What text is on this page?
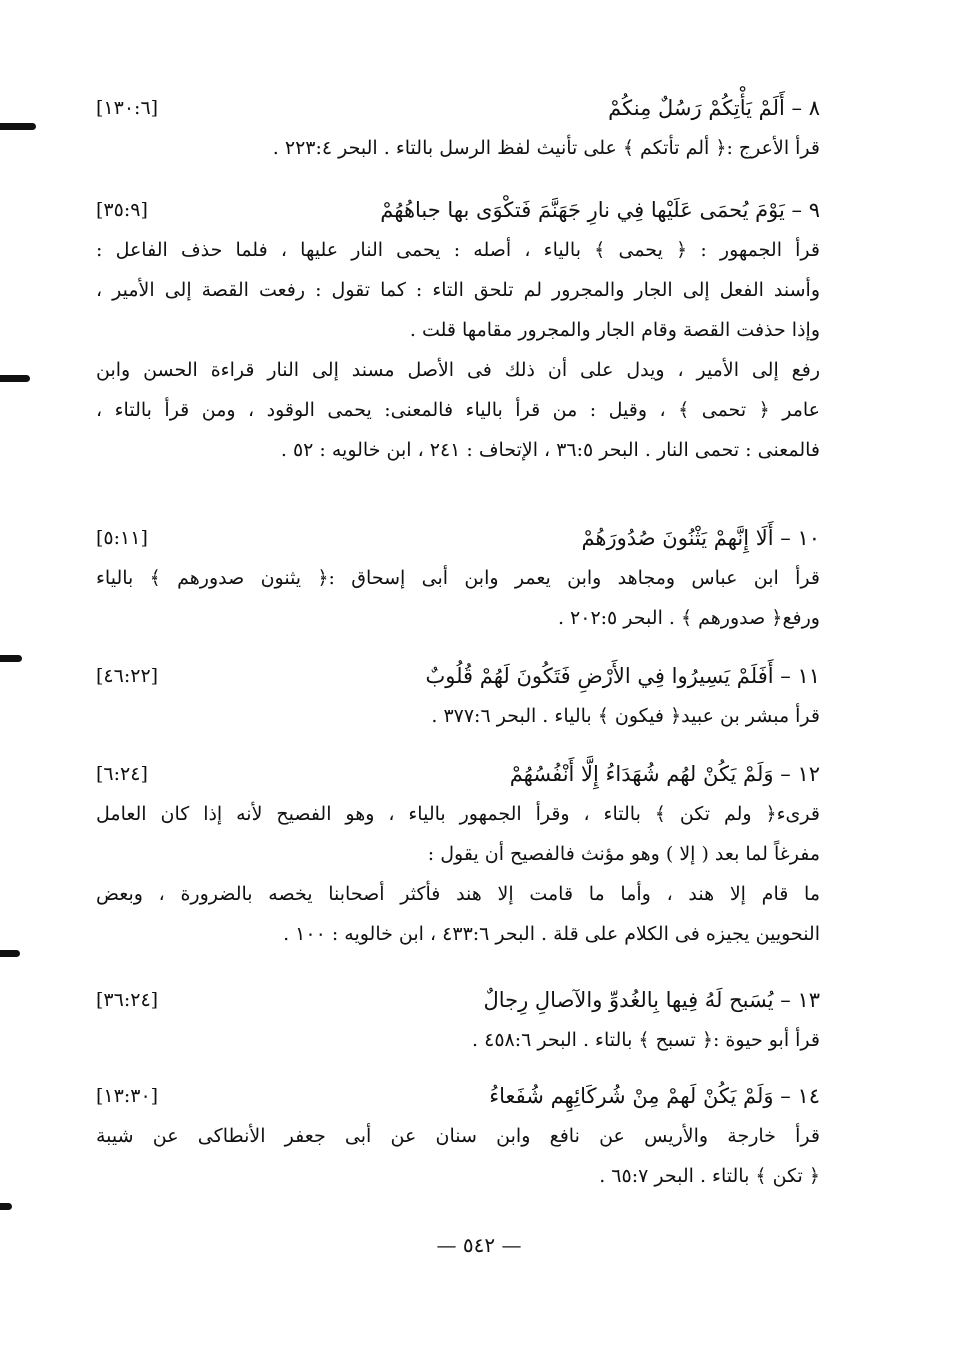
٨ – أَلَمْ يَأْتِكُمْ رَسُلٌ مِنكُمْ
[١٣٠:٦]
قرأ الأعرج :﴿ ألم تأتكم ﴾ على تأنيث لفظ الرسل بالتاء . البحر ٢٢٣:٤ .
٩ – يَوْمَ يُحمَى عَلَيْها فِي نارِ جَهَنَّمَ فَتكْوَى بها جباهُهُمْ
[٣٥:٩]
قرأ الجمهور : ﴿ يحمى ﴾ بالياء ، أصله : يحمى النار عليها ، فلما حذف الفاعل :
وأسند الفعل إلى الجار والمجرور لم تلحق التاء : كما تقول : رفعت القصة إلى الأمير ،
وإذا حذفت القصة وقام الجار والمجرور مقامها قلت .
رفع إلى الأمير ، ويدل على أن ذلك فى الأصل مسند إلى النار قراءة الحسن وابن
عامر ﴿ تحمى ﴾ ، وقيل : من قرأ بالياء فالمعنى: يحمى الوقود ، ومن قرأ بالتاء ،
فالمعنى : تحمى النار . البحر ٣٦:٥ ، الإتحاف : ٢٤١ ، ابن خالويه : ٥٢ .
١٠ – أَلَا إِنَّهمْ يَثْنُونَ صُدُورَهُمْ
[٥:١١]
قرأ ابن عباس ومجاهد وابن يعمر وابن أبى إسحاق :﴿ يثنون صدورهم ﴾ بالياء
ورفع﴿ صدورهم ﴾ . البحر ٢٠٢:٥ .
١١ – أَفَلَمْ يَسِيرُوا فِي الأَرْضِ فَتَكُونَ لَهُمْ قُلُوبٌ
[٤٦:٢٢]
قرأ مبشر بن عبيد﴿ فيكون ﴾ بالياء . البحر ٣٧٧:٦ .
١٢ – وَلَمْ يَكُنْ لهُم شُهَدَاءُ إِلَّا أَنْفُسُهُمْ
[٦:٢٤]
قرىء﴿ ولم تكن ﴾ بالتاء ، وقرأ الجمهور بالياء ، وهو الفصيح لأنه إذا كان العامل
مفرغاً لما بعد ( إلا ) وهو مؤنث فالفصيح أن يقول :
ما قام إلا هند ، وأما ما قامت إلا هند فأكثر أصحابنا يخصه بالضرورة ، وبعض
النحويين يجيزه فى الكلام على قلة . البحر ٤٣٣:٦ ، ابن خالويه : ١٠٠ .
١٣ – يُسَبح لَهُ فِيها بِالغُدوِّ والآصالِ رِجالٌ
[٣٦:٢٤]
قرأ أبو حيوة :﴿ تسبح ﴾ بالتاء . البحر ٤٥٨:٦ .
١٤ – وَلَمْ يَكُنْ لَهمْ مِنْ شُركَائِهِم شُفَعاءُ
[١٣:٣٠]
قرأ خارجة والأريس عن نافع وابن سنان عن أبى جعفر الأنطاكى عن شيبة
﴿ تكن ﴾ بالتاء . البحر ٦٥:٧ .
— ٥٤٢ —
